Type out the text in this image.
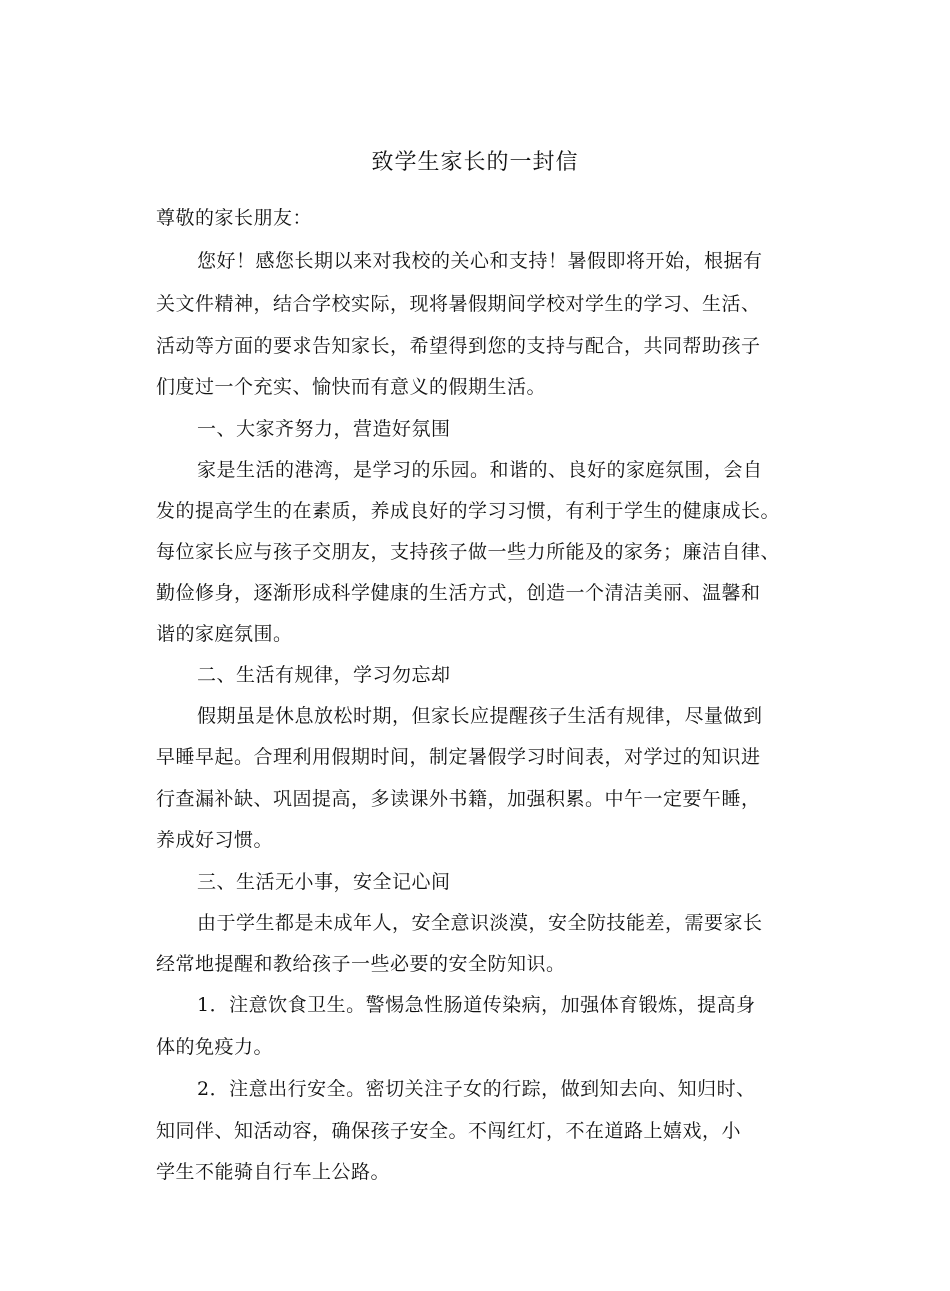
致学生家长的一封信
尊敬的家长朋友：
您好！感您长期以来对我校的关心和支持！暑假即将开始，根据有
关文件精神，结合学校实际，现将暑假期间学校对学生的学习、生活、
活动等方面的要求告知家长，希望得到您的支持与配合，共同帮助孩子
们度过一个充实、愉快而有意义的假期生活。
一、大家齐努力，营造好氛围
家是生活的港湾，是学习的乐园。和谐的、良好的家庭氛围，会自
发的提高学生的在素质，养成良好的学习习惯，有利于学生的健康成长。
每位家长应与孩子交朋友，支持孩子做一些力所能及的家务；廉洁自律、
勤俭修身，逐渐形成科学健康的生活方式，创造一个清洁美丽、温馨和
谐的家庭氛围。
二、生活有规律，学习勿忘却
假期虽是休息放松时期，但家长应提醒孩子生活有规律，尽量做到
早睡早起。合理利用假期时间，制定暑假学习时间表，对学过的知识进
行查漏补缺、巩固提高，多读课外书籍，加强积累。中午一定要午睡，
养成好习惯。
三、生活无小事，安全记心间
由于学生都是未成年人，安全意识淡漠，安全防技能差，需要家长
经常地提醒和教给孩子一些必要的安全防知识。
1．注意饮食卫生。警惕急性肠道传染病，加强体育锻炼，提高身
体的免疫力。
2．注意出行安全。密切关注子女的行踪，做到知去向、知归时、
知同伴、知活动容，确保孩子安全。不闯红灯，不在道路上嬉戏，小
学生不能骑自行车上公路。
